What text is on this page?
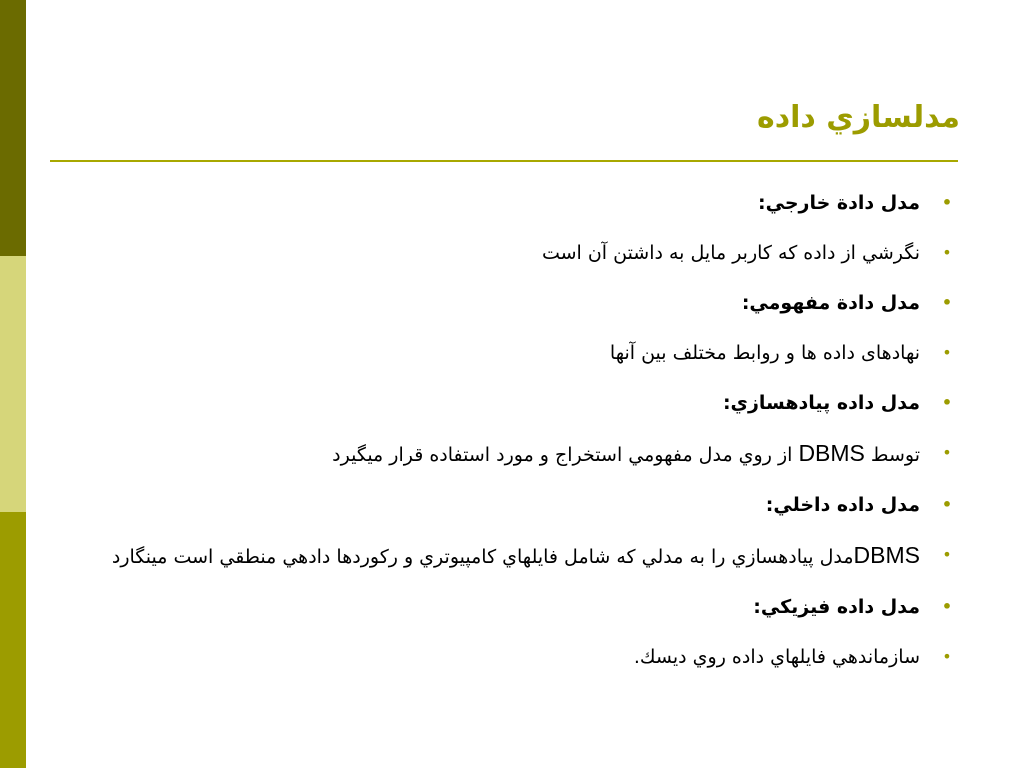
مدلسازي داده
•
مدل دادة خارجي:
•
نگرشي از داده كه كاربر مايل به داشتن آن است
•
مدل دادة مفهومي:
•
نهادهای داده ها و روابط مختلف بین آنها
•
مدل داده پيادهسازي:
•
توسط DBMS از روي مدل مفهومي استخراج و مورد استفاده قرار ميگيرد
•
مدل داده داخلي:
•
DBMSمدل پيادهسازي را به مدلي كه شامل فايلهاي كامپيوتري و ركوردها دادهي منطقي است مينگارد
•
مدل داده فيزيكي:
•
سازماندهي فايلهاي داده روي ديسك.
